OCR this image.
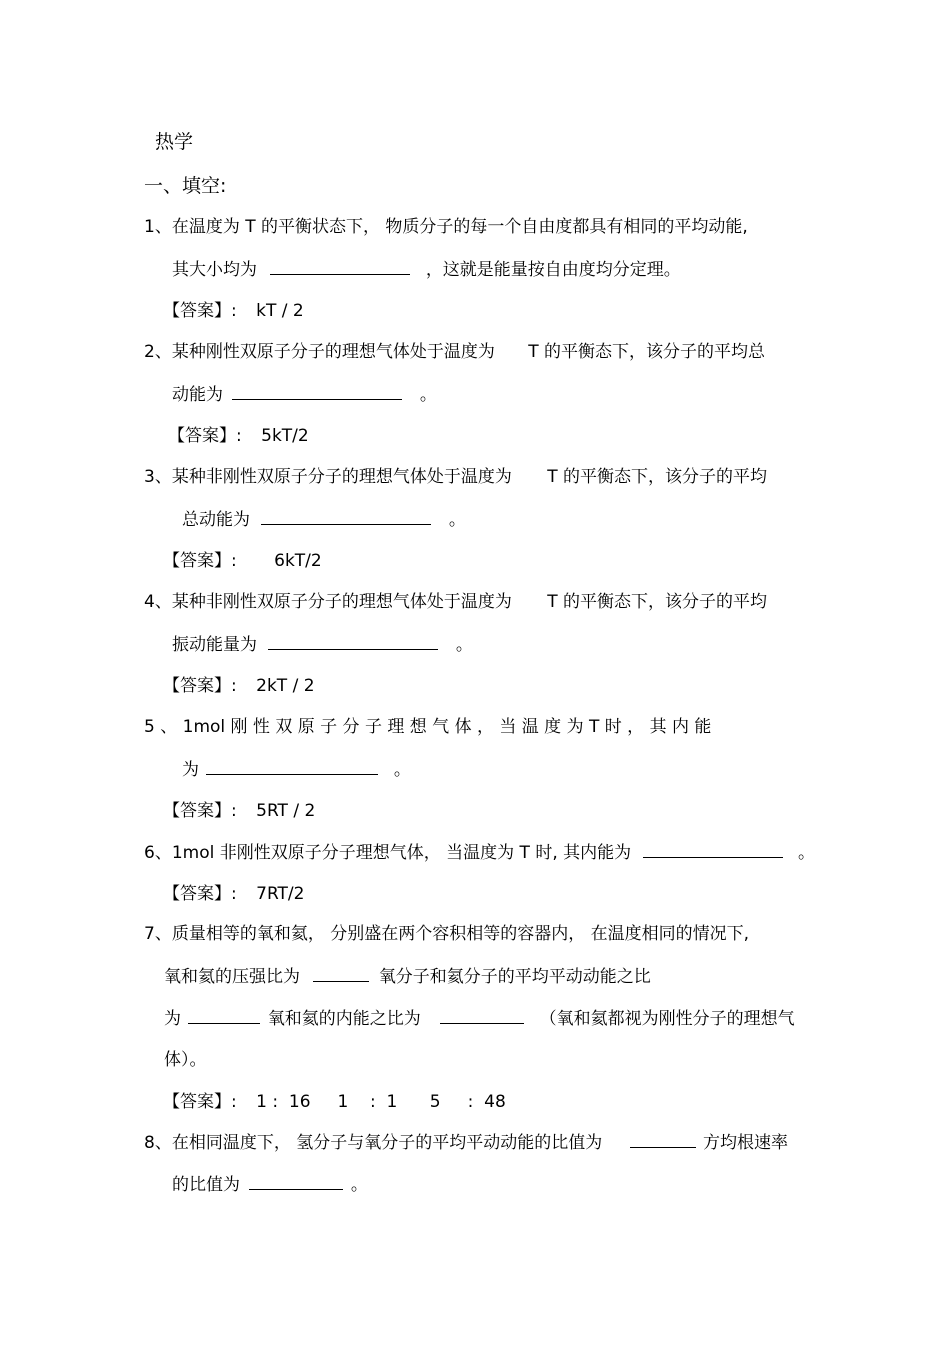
热学
一、填空:
1、在温度为 T 的平衡状态下， 物质分子的每一个自由度都具有相同的平均动能,
其大小均为	，这就是能量按自由度均分定理。
【答案】: kT / 2
2、某种刚性双原子分子的理想气体处于温度为 T 的平衡态下，该分子的平均总
动能为	。
【答案】: 5kT/2
3、某种非刚性双原子分子的理想气体处于温度为 T 的平衡态下，该分子的平均
总动能为	。
【答案】: 6kT/2
4、某种非刚性双原子分子的理想气体处于温度为 T 的平衡态下，该分子的平均
振动能量为	。
【答案】: 2kT / 2
5 、 1mol 刚 性 双 原 子 分 子 理 想 气 体 ， 当 温 度 为 T 时 ， 其 内 能
为	。
【答案】: 5RT / 2
6、1mol 非刚性双原子分子理想气体， 当温度为 T 时, 其内能为	。
【答案】: 7RT/2
7、质量相等的氧和氦， 分别盛在两个容积相等的容器内， 在温度相同的情况下,
氧和氦的压强比为	氧分子和氦分子的平均平动动能之比
为	氧和氦的内能之比为	（氧和氦都视为刚性分子的理想气
体）。
【答案】: 1 :  16     1    :  1      5     :  48
8、在相同温度下， 氢分子与氧分子的平均平动动能的比值为	方均根速率
的比值为	。
